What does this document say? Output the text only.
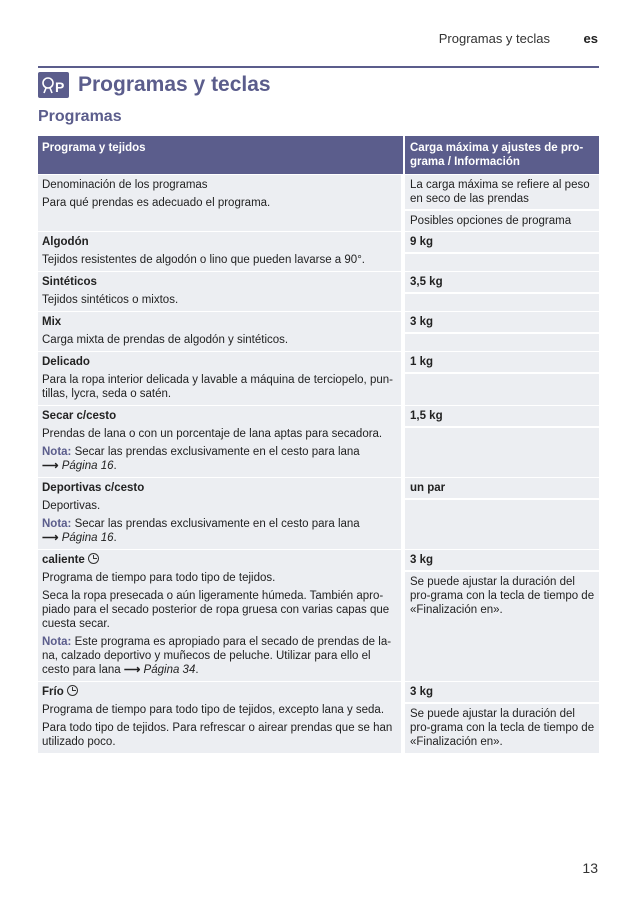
Programas y teclas	es
P Programas y teclas
Programas
Programa y tejidos	Carga máxima y ajustes de pro-grama / Información
Denominación de los programas
Para qué prendas es adecuado el programa.
La carga máxima se refiere al peso en seco de las prendas
Posibles opciones de programa
Algodón
Tejidos resistentes de algodón o lino que pueden lavarse a 90°.
9 kg
Sintéticos
Tejidos sintéticos o mixtos.
3,5 kg
Mix
Carga mixta de prendas de algodón y sintéticos.
3 kg
Delicado
Para la ropa interior delicada y lavable a máquina de terciopelo, pun-tillas, lycra, seda o satén.
1 kg
Secar c/cesto
Prendas de lana o con un porcentaje de lana aptas para secadora.
Nota: Secar las prendas exclusivamente en el cesto para lana
⟶ Página 16.
1,5 kg
Deportivas c/cesto
Deportivas.
Nota: Secar las prendas exclusivamente en el cesto para lana
⟶ Página 16.
un par
caliente
Programa de tiempo para todo tipo de tejidos.
Seca la ropa presecada o aún ligeramente húmeda. También apro-piado para el secado posterior de ropa gruesa con varias capas que cuesta secar.
Nota: Este programa es apropiado para el secado de prendas de la-na, calzado deportivo y muñecos de peluche. Utilizar para ello el cesto para lana ⟶ Página 34.
3 kg
Se puede ajustar la duración del pro-grama con la tecla de tiempo de «Finalización en».
Frío
Programa de tiempo para todo tipo de tejidos, excepto lana y seda.
Para todo tipo de tejidos. Para refrescar o airear prendas que se han utilizado poco.
3 kg
Se puede ajustar la duración del pro-grama con la tecla de tiempo de «Finalización en».
13
